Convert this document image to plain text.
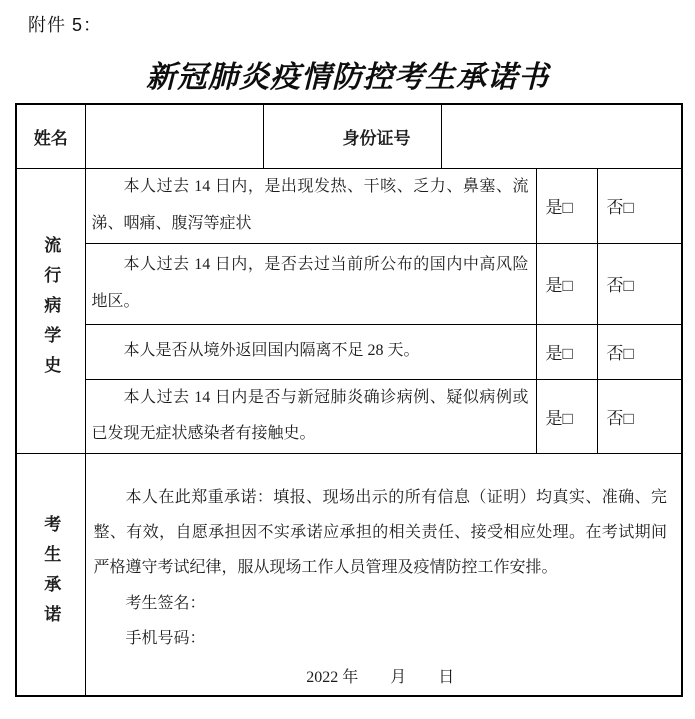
附件 5：
新冠肺炎疫情防控考生承诺书
姓名		身份证号			

流行病学史	本人过去 14 日内，是出现发热、干咳、乏力、鼻塞、流涕、咽痛、腹泻等症状			是□	否□
	本人过去 14 日内，是否去过当前所公布的国内中高风险地区。			是□	否□
	本人是否从境外返回国内隔离不足 28 天。			是□	否□
	本人过去 14 日内是否与新冠肺炎确诊病例、疑似病例或已发现无症状感染者有接触史。			是□	否□

考生承诺	本人在此郑重承诺：填报、现场出示的所有信息（证明）均真实、准确、完整、有效，自愿承担因不实承诺应承担的相关责任、接受相应处理。在考试期间严格遵守考试纪律，服从现场工作人员管理及疫情防控工作安排。

考生签名：

手机号码：

2022 年　　月　　日				
